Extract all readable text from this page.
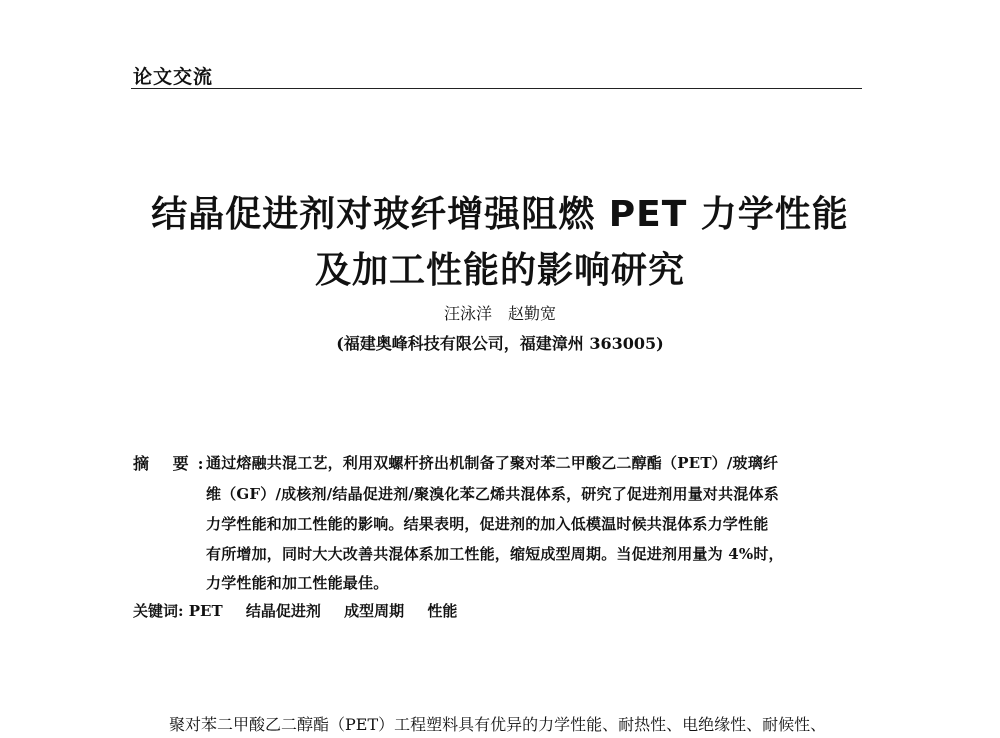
论文交流
结晶促进剂对玻纤增强阻燃 PET 力学性能
及加工性能的影响研究
汪泳洋　赵勤宽
(福建奥峰科技有限公司，福建漳州 363005)
摘 要:
通过熔融共混工艺，利用双螺杆挤出机制备了聚对苯二甲酸乙二醇酯（PET）/玻璃纤
维（GF）/成核剂/结晶促进剂/聚溴化苯乙烯共混体系，研究了促进剂用量对共混体系
力学性能和加工性能的影响。结果表明，促进剂的加入低模温时候共混体系力学性能
有所增加，同时大大改善共混体系加工性能，缩短成型周期。当促进剂用量为 4%时，
力学性能和加工性能最佳。
关键词: PET 结晶促进剂 成型周期 性能
聚对苯二甲酸乙二醇酯（PET）工程塑料具有优异的力学性能、耐热性、电绝缘性、耐候性、
